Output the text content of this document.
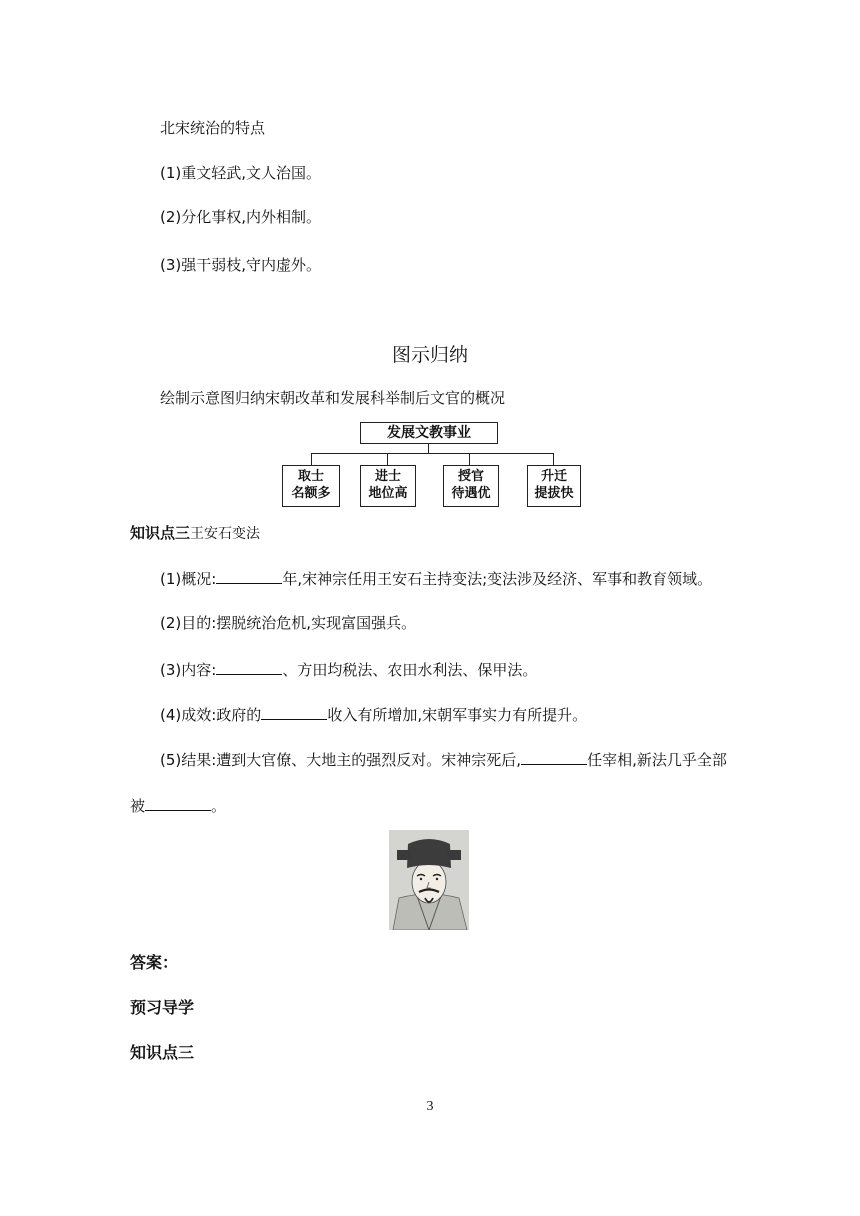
北宋统治的特点
(1)重文轻武,文人治国。
(2)分化事权,内外相制。
(3)强干弱枝,守内虚外。
图示归纳
绘制示意图归纳宋朝改革和发展科举制后文官的概况
发展文教事业
取士
名额多
进士
地位高
授官
待遇优
升迁
提拔快
知识点三王安石变法
(1)概况:	年,宋神宗任用王安石主持变法;变法涉及经济、军事和教育领域。
(2)目的:摆脱统治危机,实现富国强兵。
(3)内容:	、方田均税法、农田水利法、保甲法。
(4)成效:政府的	收入有所增加,宋朝军事实力有所提升。
(5)结果:遭到大官僚、大地主的强烈反对。宋神宗死后,	任宰相,新法几乎全部
被	。
答案：
预习导学
知识点三
3
